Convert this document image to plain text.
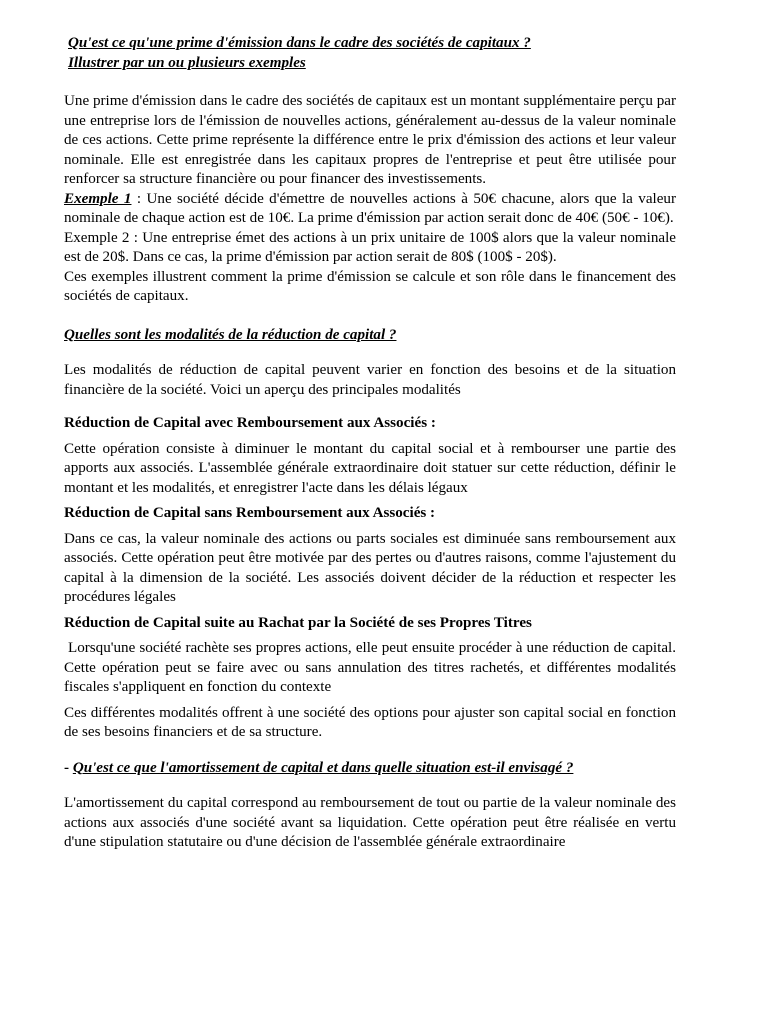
Qu'est ce qu'une prime d'émission dans le cadre des sociétés de capitaux ?
Illustrer par un ou plusieurs exemples

Une prime d'émission dans le cadre des sociétés de capitaux est un montant supplémentaire perçu par une entreprise lors de l'émission de nouvelles actions, généralement au-dessus de la valeur nominale de ces actions. Cette prime représente la différence entre le prix d'émission des actions et leur valeur nominale. Elle est enregistrée dans les capitaux propres de l'entreprise et peut être utilisée pour renforcer sa structure financière ou pour financer des investissements.

Exemple 1 : Une société décide d'émettre de nouvelles actions à 50€ chacune, alors que la valeur nominale de chaque action est de 10€. La prime d'émission par action serait donc de 40€ (50€ - 10€).

Exemple 2 : Une entreprise émet des actions à un prix unitaire de 100$ alors que la valeur nominale est de 20$. Dans ce cas, la prime d'émission par action serait de 80$ (100$ - 20$).

Ces exemples illustrent comment la prime d'émission se calcule et son rôle dans le financement des sociétés de capitaux.

Quelles sont les modalités de la réduction de capital ?

Les modalités de réduction de capital peuvent varier en fonction des besoins et de la situation financière de la société. Voici un aperçu des principales modalités

Réduction de Capital avec Remboursement aux Associés :

Cette opération consiste à diminuer le montant du capital social et à rembourser une partie des apports aux associés. L'assemblée générale extraordinaire doit statuer sur cette réduction, définir le montant et les modalités, et enregistrer l'acte dans les délais légaux

Réduction de Capital sans Remboursement aux Associés :

Dans ce cas, la valeur nominale des actions ou parts sociales est diminuée sans remboursement aux associés. Cette opération peut être motivée par des pertes ou d'autres raisons, comme l'ajustement du capital à la dimension de la société. Les associés doivent décider de la réduction et respecter les procédures légales

Réduction de Capital suite au Rachat par la Société de ses Propres Titres

Lorsqu'une société rachète ses propres actions, elle peut ensuite procéder à une réduction de capital. Cette opération peut se faire avec ou sans annulation des titres rachetés, et différentes modalités fiscales s'appliquent en fonction du contexte

Ces différentes modalités offrent à une société des options pour ajuster son capital social en fonction de ses besoins financiers et de sa structure.

- Qu'est ce que l'amortissement de capital et dans quelle situation est-il envisagé ?

L'amortissement du capital correspond au remboursement de tout ou partie de la valeur nominale des actions aux associés d'une société avant sa liquidation. Cette opération peut être réalisée en vertu d'une stipulation statutaire ou d'une décision de l'assemblée générale extraordinaire
